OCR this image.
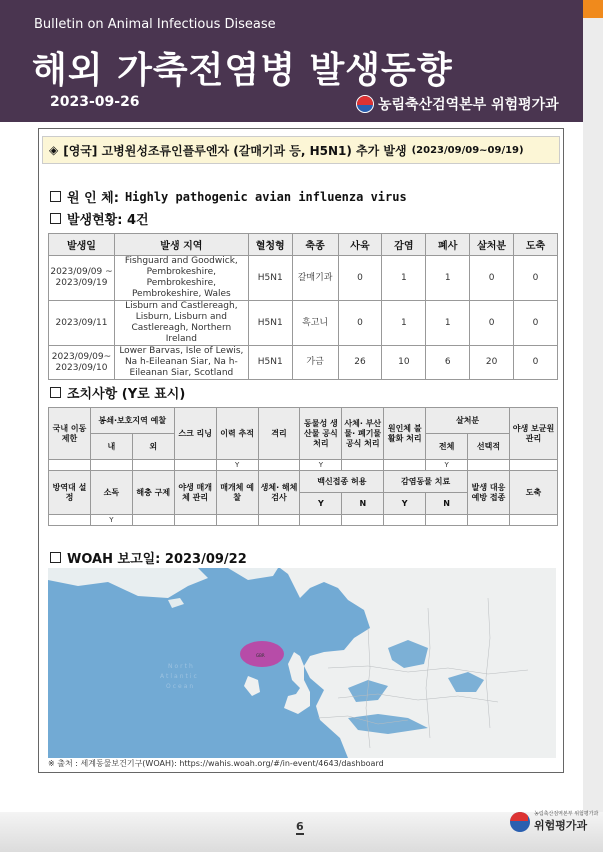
Bulletin on Animal Infectious Disease
해외 가축전염병 발생동향
2023-09-26	농림축산검역본부 위험평가과
◈ [영국] 고병원성조류인플루엔자 (갈매기과 등, H5N1) 추가 발생 (2023/09/09~09/19)
원 인 체: Highly pathogenic avian influenza virus
발생현황: 4건
발생일	발생 지역	혈청형	축종	사육	감염	폐사	살처분	도축
2023/09/09 ~ 2023/09/19	Fishguard and Goodwick, Pembrokeshire, Pembrokeshire, Pembrokeshire, Wales	H5N1	갈매기과	0	1	1	0	0
2023/09/11	Lisburn and Castlereagh, Lisburn, Lisburn and Castlereagh, Northern Ireland	H5N1	흑고니	0	1	1	0	0
2023/09/09~ 2023/09/10	Lower Barvas, Isle of Lewis, Na h-Eileanan Siar, Na h-Eileanan Siar, Scotland	H5N1	가금	26	10	6	20	0
조치사항 (Y로 표시)
국내 이동 제한	봉쇄·보호지역 예찰		스크 리닝	이력 추적	격리	동물성 생산물 공식 처리	사체· 부산물· 폐기물 공식 처리	원인체 불활화 처리	살처분		야생 보균원 관리
	내	외							전체	선택적	
				Y		Y			Y		
방역대 설정	소독	해충 구제	야생 매개체 관리	매개체 예찰	생체· 해체 검사	백신접종 허용		감염동물 치료		발생 대응 예방 접종	도축
						Y	N	Y	N		
	Y										
WOAH 보고일: 2023/09/22
GBR
North
Atlantic
Ocean
※ 출처 : 세계동물보건기구(WOAH): https://wahis.woah.org/#/in-event/4643/dashboard
6
농림축산검역본부 위험평가과
위험평가과
